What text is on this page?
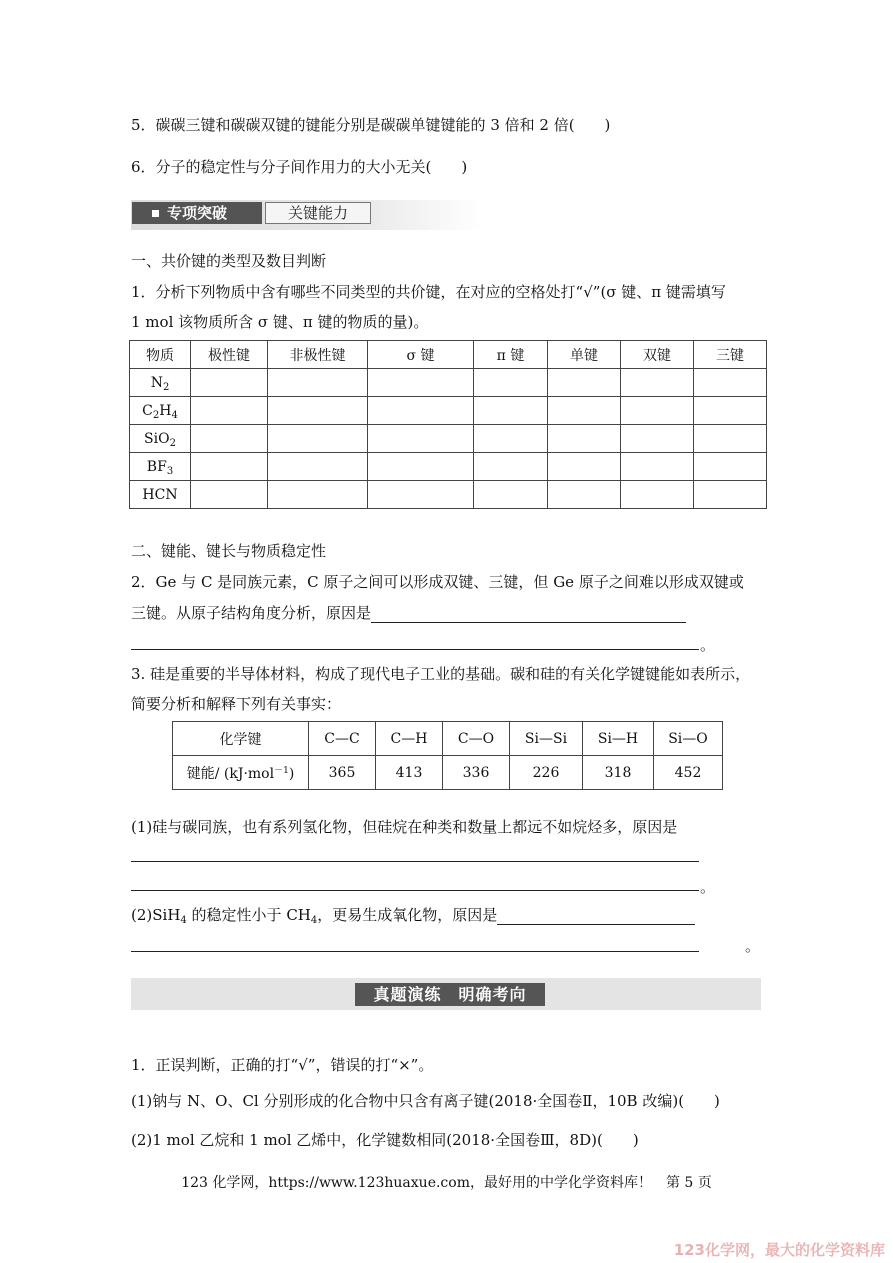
5．碳碳三键和碳碳双键的键能分别是碳碳单键键能的 3 倍和 2 倍(　　)
6．分子的稳定性与分子间作用力的大小无关(　　)
专项突破	关键能力
一、共价键的类型及数目判断
1．分析下列物质中含有哪些不同类型的共价键，在对应的空格处打“√”(σ 键、π 键需填写
1 mol 该物质所含 σ 键、π 键的物质的量)。
物质	极性键	非极性键	σ 键	π 键	单键	双键	三键
$N_2$							
$C_2H_4$							
SiO$_2$							
$BF_3$							
HCN							
二、键能、键长与物质稳定性
2．Ge 与 C 是同族元素，C 原子之间可以形成双键、三键，但 Ge 原子之间难以形成双键或
三键。从原子结构角度分析，原因是
。
3. 硅是重要的半导体材料，构成了现代电子工业的基础。碳和硅的有关化学键键能如表所示，
简要分析和解释下列有关事实：
化学键	C—C	C—H	C—O	Si—Si	Si—H	Si—O
键能/ (kJ·mol$^{-1}$)	365	413	336	226	318	452
(1)硅与碳同族，也有系列氢化物，但硅烷在种类和数量上都远不如烷烃多，原因是
。
(2)SiH$_4$ 的稳定性小于 $CH_4$，更易生成氧化物，原因是
。
真题演练　明确考向
1．正误判断，正确的打“√”，错误的打“×”。
(1)钠与 N、O、Cl 分别形成的化合物中只含有离子键(2018·全国卷Ⅱ，10B 改编)(　　)
(2)1 mol 乙烷和 1 mol 乙烯中，化学键数相同(2018·全国卷Ⅲ，8D)(　　)
123 化学网，https://www.123huaxue.com，最好用的中学化学资料库！　第 5 页
123化学网，最大的化学资料库
